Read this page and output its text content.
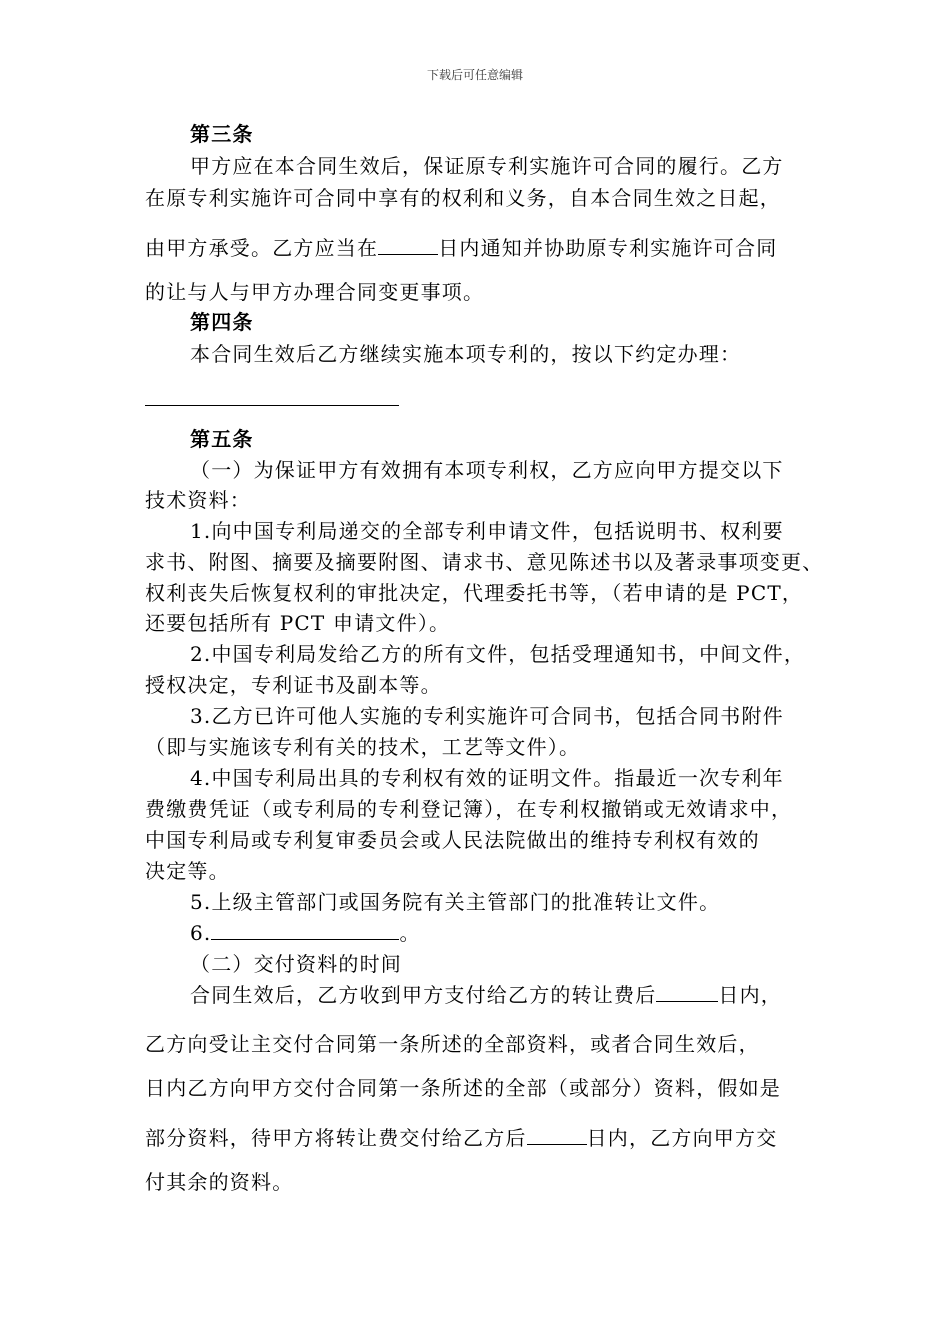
下载后可任意编辑
第三条
甲方应在本合同生效后，保证原专利实施许可合同的履行。乙方
在原专利实施许可合同中享有的权利和义务，自本合同生效之日起，
由甲方承受。乙方应当在	日内通知并协助原专利实施许可合同
的让与人与甲方办理合同变更事项。
第四条
本合同生效后乙方继续实施本项专利的，按以下约定办理：
第五条
（一）为保证甲方有效拥有本项专利权，乙方应向甲方提交以下
技术资料：
1.向中国专利局递交的全部专利申请文件，包括说明书、权利要
求书、附图、摘要及摘要附图、请求书、意见陈述书以及著录事项变更、
权利丧失后恢复权利的审批决定，代理委托书等，（若申请的是 PCT，
还要包括所有 PCT 申请文件）。
2.中国专利局发给乙方的所有文件，包括受理通知书，中间文件，
授权决定，专利证书及副本等。
3.乙方已许可他人实施的专利实施许可合同书，包括合同书附件
（即与实施该专利有关的技术，工艺等文件）。
4.中国专利局出具的专利权有效的证明文件。指最近一次专利年
费缴费凭证（或专利局的专利登记簿），在专利权撤销或无效请求中，
中国专利局或专利复审委员会或人民法院做出的维持专利权有效的
决定等。
5.上级主管部门或国务院有关主管部门的批准转让文件。
6.	。
（二）交付资料的时间
合同生效后，乙方收到甲方支付给乙方的转让费后	日内，
乙方向受让主交付合同第一条所述的全部资料，或者合同生效后，
日内乙方向甲方交付合同第一条所述的全部（或部分）资料，假如是
部分资料，待甲方将转让费交付给乙方后	日内，乙方向甲方交
付其余的资料。
